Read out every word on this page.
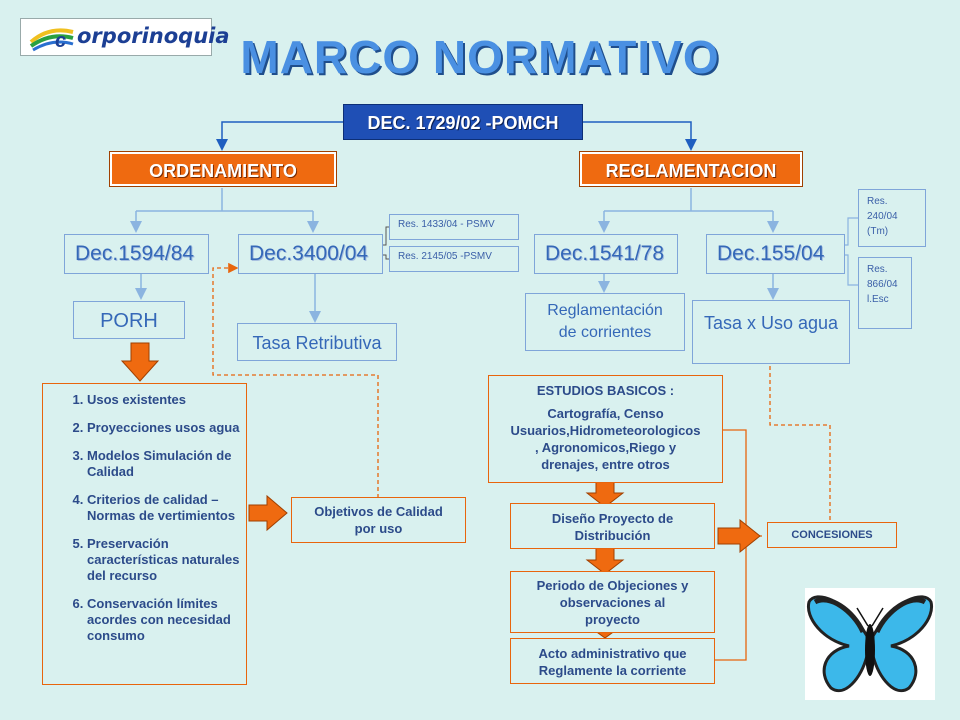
c orporinoquia MARCO NORMATIVO
DEC. 1729/02 -POMCH
ORDENAMIENTO	REGLAMENTACION
Dec.1594/84	Dec.3400/04	Dec.1541/78	Dec.155/04
Res. 1433/04 - PSMV
Res. 2145/05 -PSMV
Res.
240/04
(Tm)
Res.
866/04
l.Esc
PORH
Tasa Retributiva
Reglamentación
de corrientes	Tasa x Uso agua
1. Usos existentes
2. Proyecciones usos agua
3. Modelos Simulación de Calidad
4. Criterios de calidad – Normas de vertimientos
5. Preservación características naturales del recurso
6. Conservación límites acordes con necesidad consumo
Objetivos de Calidad
por uso
ESTUDIOS BASICOS :
Cartografía, Censo
Usuarios,Hidrometeorologicos
, Agronomicos,Riego y
drenajes, entre otros
Diseño Proyecto de
Distribución
Periodo de Objeciones y
observaciones al
proyecto
Acto administrativo que
Reglamente la corriente
CONCESIONES
